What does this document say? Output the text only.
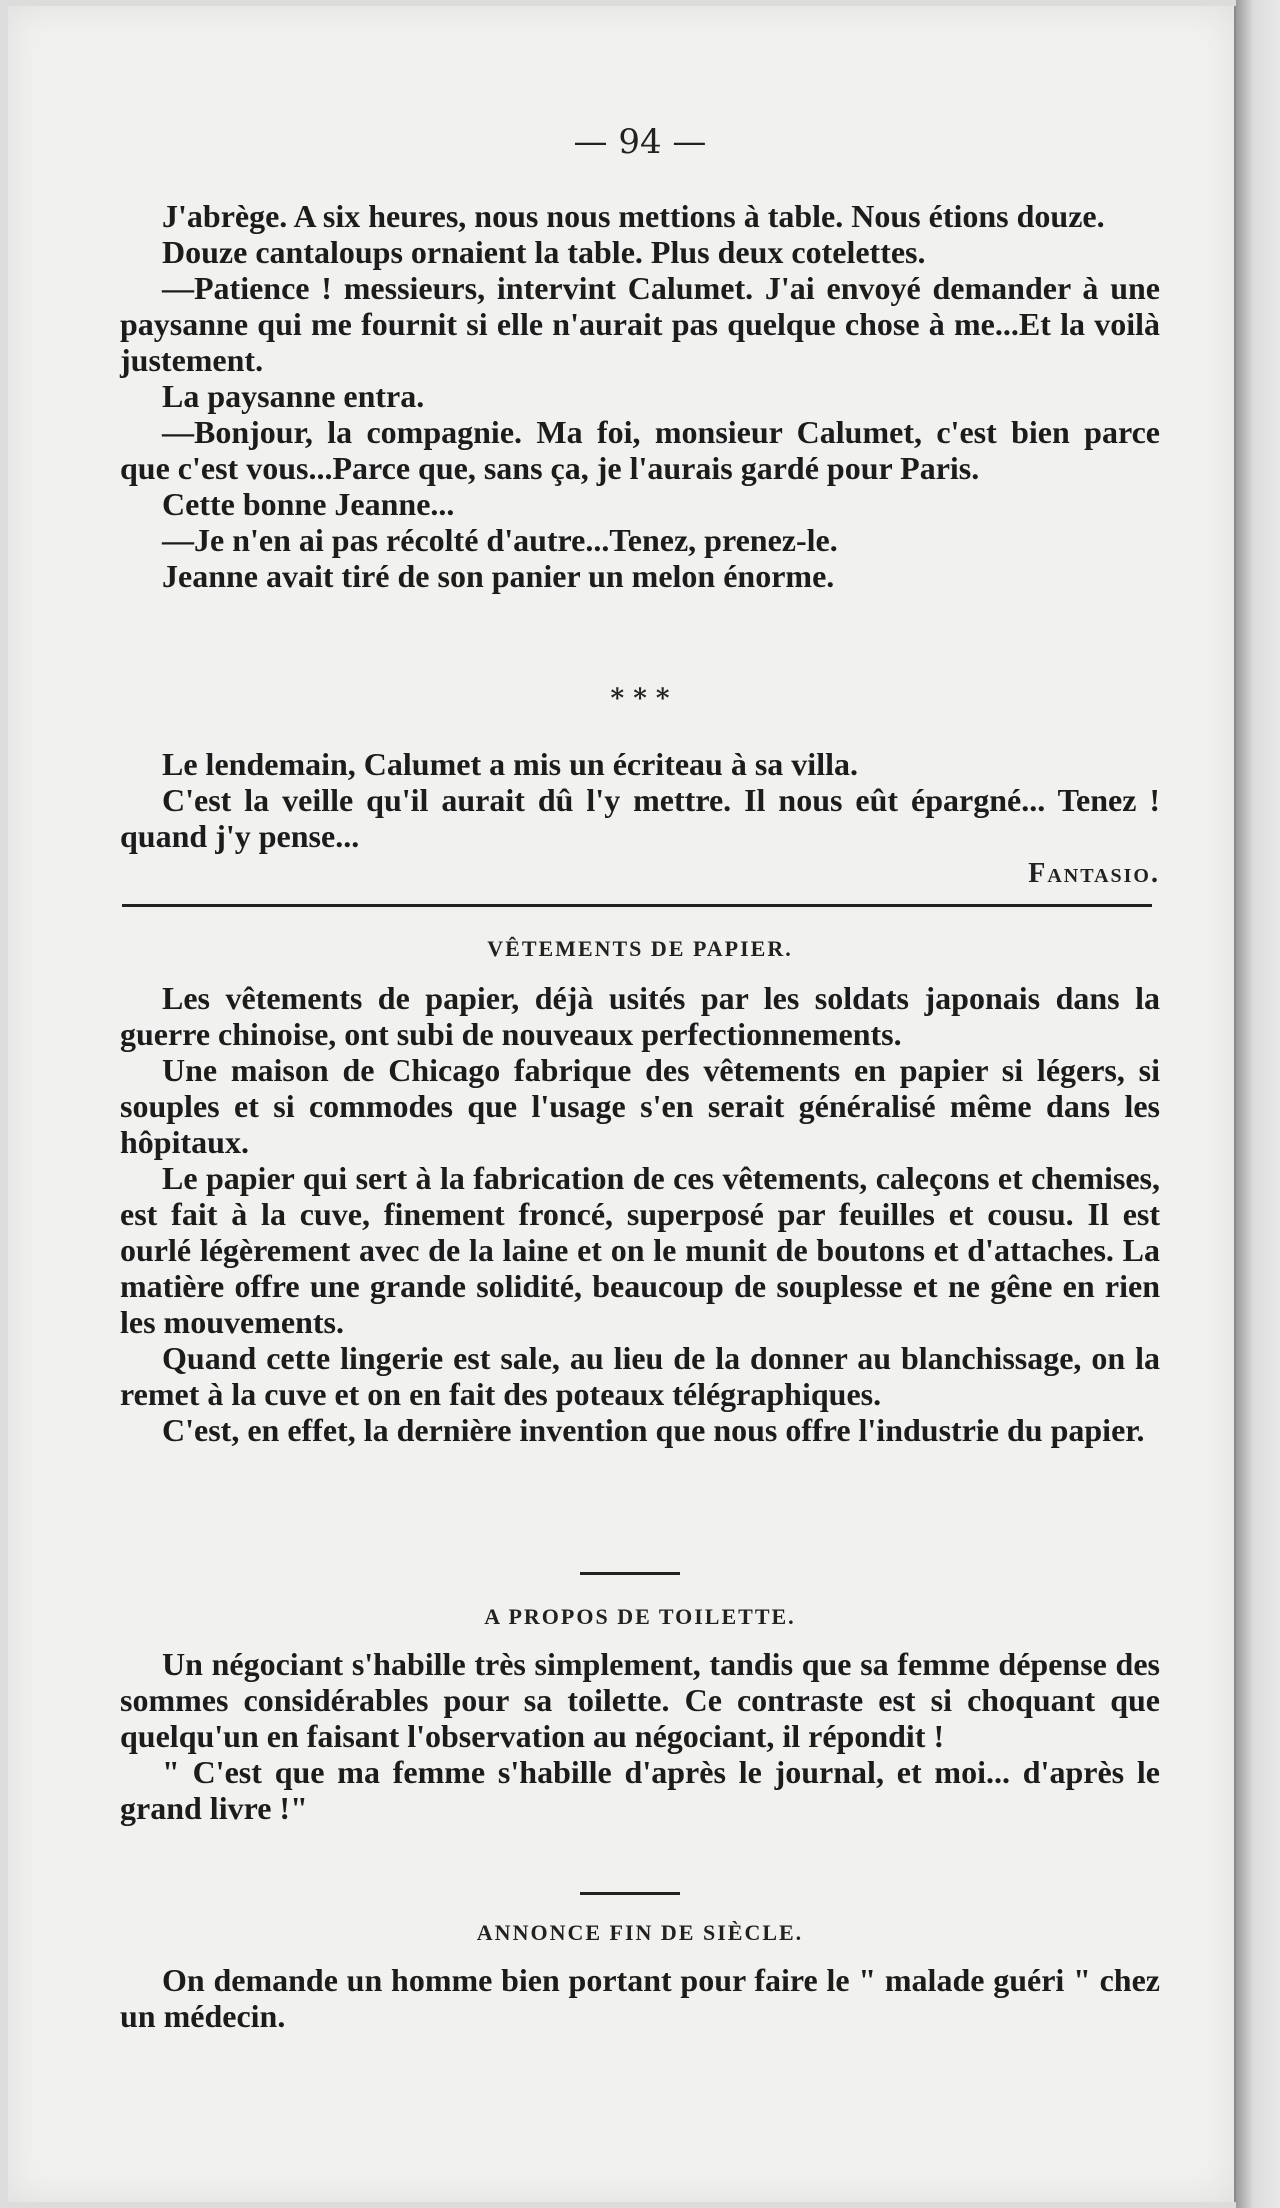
— 94 —

J'abrège. A six heures, nous nous mettions à table. Nous étions douze.

Douze cantaloups ornaient la table. Plus deux cotelettes.

—Patience ! messieurs, intervint Calumet. J'ai envoyé demander à une paysanne qui me fournit si elle n'aurait pas quelque chose à me...Et la voilà justement.

La paysanne entra.

—Bonjour, la compagnie. Ma foi, monsieur Calumet, c'est bien parce que c'est vous...Parce que, sans ça, je l'aurais gardé pour Paris.

Cette bonne Jeanne...

—Je n'en ai pas récolté d'autre...Tenez, prenez-le.

Jeanne avait tiré de son panier un melon énorme.

* * *

Le lendemain, Calumet a mis un écriteau à sa villa.

C'est la veille qu'il aurait dû l'y mettre. Il nous eût épargné... Tenez ! quand j'y pense...

Fantasio.
VÊTEMENTS DE PAPIER.

Les vêtements de papier, déjà usités par les soldats japonais dans la guerre chinoise, ont subi de nouveaux perfectionnements.

Une maison de Chicago fabrique des vêtements en papier si légers, si souples et si commodes que l'usage s'en serait généralisé même dans les hôpitaux.

Le papier qui sert à la fabrication de ces vêtements, caleçons et chemises, est fait à la cuve, finement froncé, superposé par feuilles et cousu. Il est ourlé légèrement avec de la laine et on le munit de boutons et d'attaches. La matière offre une grande solidité, beaucoup de souplesse et ne gêne en rien les mouvements.

Quand cette lingerie est sale, au lieu de la donner au blanchissage, on la remet à la cuve et on en fait des poteaux télégraphiques.

C'est, en effet, la dernière invention que nous offre l'industrie du papier.

A PROPOS DE TOILETTE.

Un négociant s'habille très simplement, tandis que sa femme dépense des sommes considérables pour sa toilette. Ce contraste est si choquant que quelqu'un en faisant l'observation au négociant, il répondit !

" C'est que ma femme s'habille d'après le journal, et moi... d'après le grand livre !"

ANNONCE FIN DE SIÈCLE.

On demande un homme bien portant pour faire le " malade guéri " chez un médecin.
